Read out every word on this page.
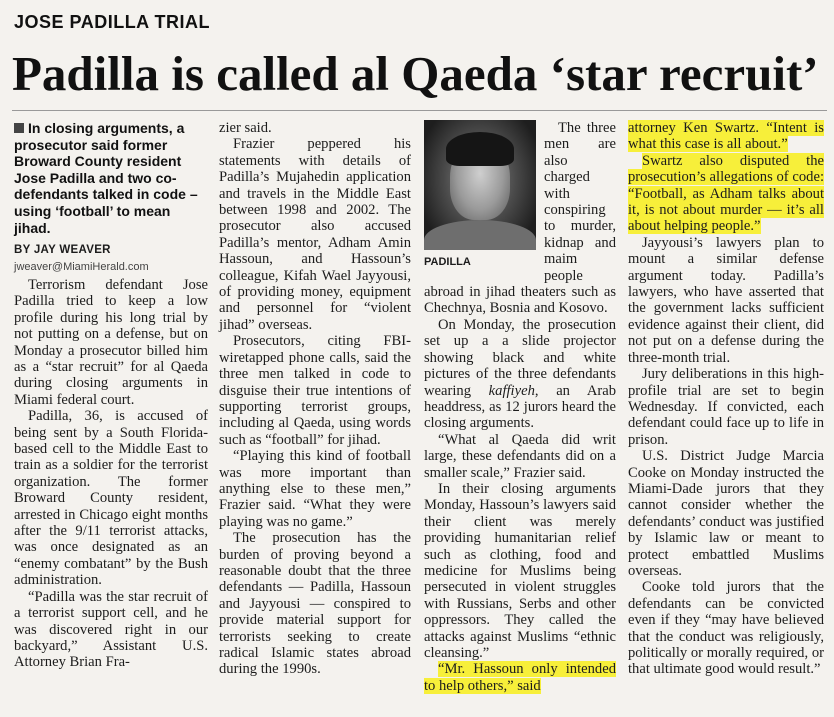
JOSE PADILLA TRIAL
Padilla is called al Qaeda ‘star recruit’
In closing arguments, a prosecutor said former Broward County resident Jose Padilla and two co-defendants talked in code – using ‘football’ to mean jihad.
BY JAY WEAVER
jweaver@MiamiHerald.com

Terrorism defendant Jose Padilla tried to keep a low profile during his long trial by not putting on a defense, but on Monday a prosecutor billed him as a “star recruit” for al Qaeda during closing arguments in Miami federal court.

Padilla, 36, is accused of being sent by a South Florida-based cell to the Middle East to train as a soldier for the terrorist organization. The former Broward County resident, arrested in Chicago eight months after the 9/11 terrorist attacks, was once designated as an “enemy combatant” by the Bush administration.

“Padilla was the star recruit of a terrorist support cell, and he was discovered right in our backyard,” Assistant U.S. Attorney Brian Fra-

zier said.

Frazier peppered his statements with details of Padilla’s Mujahedin application and travels in the Middle East between 1998 and 2002. The prosecutor also accused Padilla’s mentor, Adham Amin Hassoun, and Hassoun’s colleague, Kifah Wael Jayyousi, of providing money, equipment and personnel for “violent jihad” overseas.

Prosecutors, citing FBI-wiretapped phone calls, said the three men talked in code to disguise their true intentions of supporting terrorist groups, including al Qaeda, using words such as “football” for jihad.

“Playing this kind of football was more important than anything else to these men,” Frazier said. “What they were playing was no game.”

The prosecution has the burden of proving beyond a reasonable doubt that the three defendants — Padilla, Hassoun and Jayyousi — conspired to provide material support for terrorists seeking to create radical Islamic states abroad during the 1990s.

PADILLA

The three men are also charged with conspiring to murder, kidnap and maim people abroad in jihad theaters such as Chechnya, Bosnia and Kosovo.

On Monday, the prosecution set up a a slide projector showing black and white pictures of the three defendants wearing kaffiyeh, an Arab headdress, as 12 jurors heard the closing arguments.

“What al Qaeda did writ large, these defendants did on a smaller scale,” Frazier said.

In their closing arguments Monday, Hassoun’s lawyers said their client was merely providing humanitarian relief such as clothing, food and medicine for Muslims being persecuted in violent struggles with Russians, Serbs and other oppressors. They called the attacks against Muslims “ethnic cleansing.”

“Mr. Hassoun only intended to help others,” said

attorney Ken Swartz. “Intent is what this case is all about.”

Swartz also disputed the prosecution’s allegations of code: “Football, as Adham talks about it, is not about murder — it’s all about helping people.”

Jayyousi’s lawyers plan to mount a similar defense argument today. Padilla’s lawyers, who have asserted that the government lacks sufficient evidence against their client, did not put on a defense during the three-month trial.

Jury deliberations in this high-profile trial are set to begin Wednesday. If convicted, each defendant could face up to life in prison.

U.S. District Judge Marcia Cooke on Monday instructed the Miami-Dade jurors that they cannot consider whether the defendants’ conduct was justified by Islamic law or meant to protect embattled Muslims overseas.

Cooke told jurors that the defendants can be convicted even if they “may have believed that the conduct was religiously, politically or morally required, or that ultimate good would result.”
